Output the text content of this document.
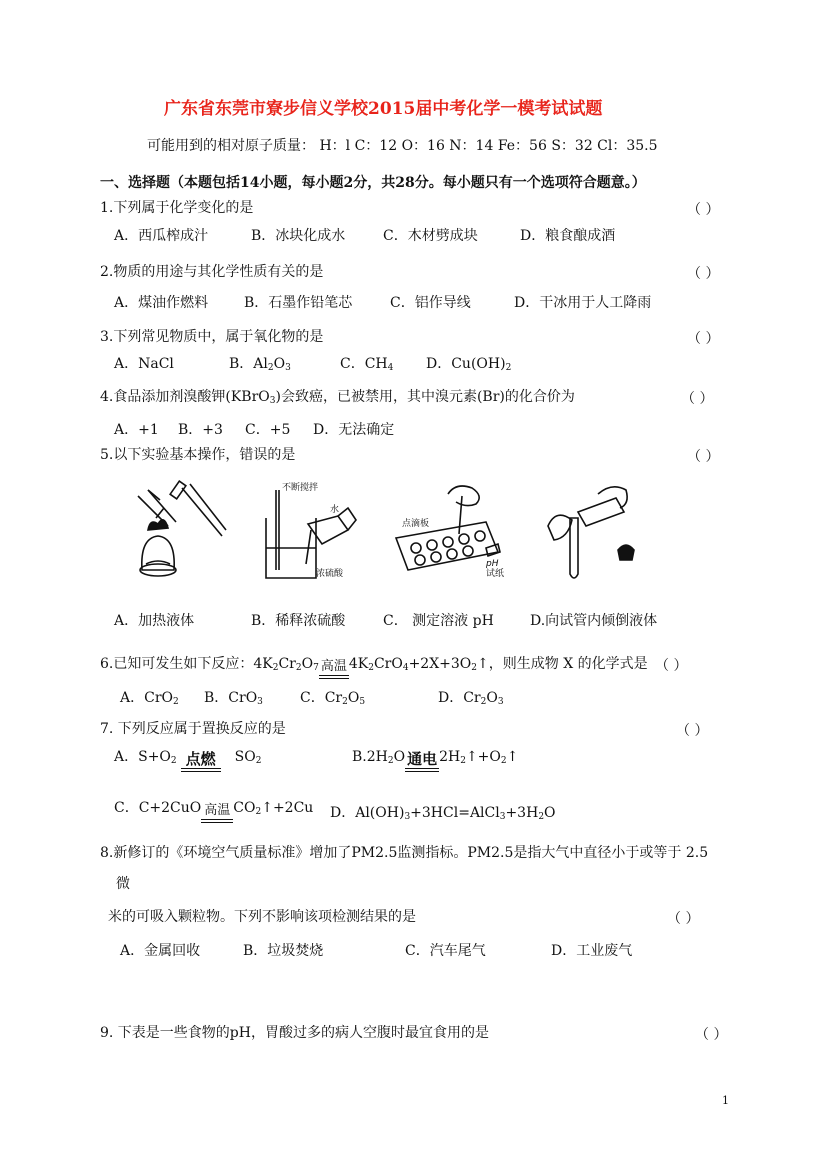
广东省东莞市寮步信义学校2015届中考化学一模考试试题
可能用到的相对原子质量： H：l C：12 O：16 N：14 Fe：56 S：32 Cl：35.5
一、选择题（本题包括14小题，每小题2分，共28分。每小题只有一个选项符合题意。）
1.下列属于化学变化的是	（ ）
A．西瓜榨成汁	B．冰块化成水	C．木材劈成块	D．粮食酿成酒
2.物质的用途与其化学性质有关的是	（ ）
A．煤油作燃料	B．石墨作铅笔芯	C．铝作导线	D．干冰用于人工降雨
3.下列常见物质中，属于氧化物的是	（ ）
A．NaCl	B．$Al_2O_3$	C．$CH_4$ D．$Cu(OH)_2$
4.食品添加剂溴酸钾(KBrO$_3$)会致癌，已被禁用，其中溴元素(Br)的化合价为	（ ）
A．+1 B．+3 C．+5 D．无法确定
5.以下实验基本操作，错误的是	（ ）
不断搅拌
水
浓硫酸
点滴板
pH
试纸
A．加热液体	B．稀释浓硫酸	C． 测定溶液 pH	D.向试管内倾倒液体
6.已知可发生如下反应：$4K_2Cr_2O_7$ 高温 $4K_2CrO_4+2X+3O_2↑$，则生成物 X 的化学式是 （ ）
A．CrO$_2$ B．CrO$_3$	C．$Cr_2O_5$	D．$Cr_2O_3$
7. 下列反应属于置换反应的是	（ ）
A．$S+O_2$ 点燃	$SO_2$	$B.2H_2O$ 通电 $2H_2↑+O_2↑$
C．C+2CuO 高温 $CO_2↑+2Cu$ D．$Al(OH)_3+3HCl=AlCl_3+3H_2O$
8.新修订的《环境空气质量标准》增加了PM2.5监测指标。PM2.5是指大气中直径小于或等于 2.5
微
米的可吸入颗粒物。下列不影响该项检测结果的是	（ ）
A．金属回收	B．垃圾焚烧	C．汽车尾气	D．工业废气
9. 下表是一些食物的pH，胃酸过多的病人空腹时最宜食用的是	（ ）
1
